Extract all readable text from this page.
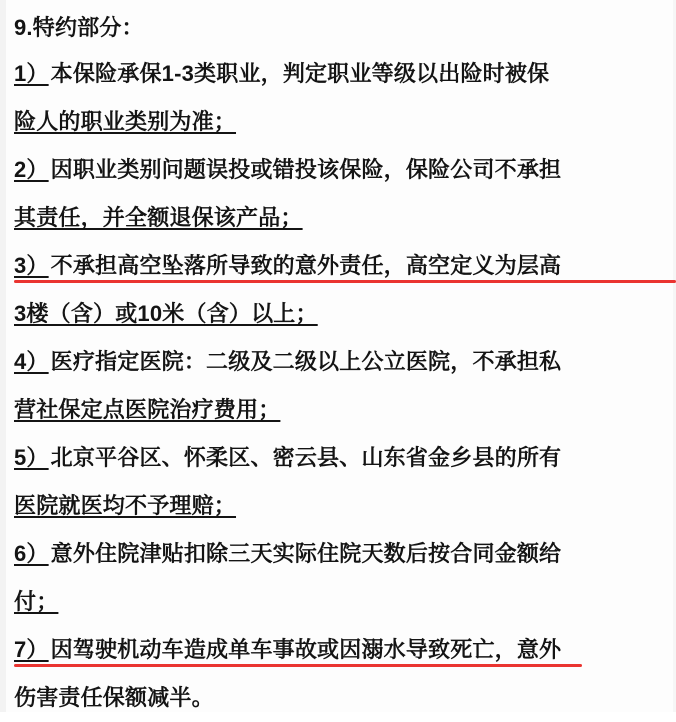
9.特约部分：
1）本保险承保1-3类职业，判定职业等级以出险时被保
险人的职业类别为准；
2）因职业类别问题误投或错投该保险，保险公司不承担
其责任，并全额退保该产品；
3）不承担高空坠落所导致的意外责任，高空定义为层高
3楼（含）或10米（含）以上；
4）医疗指定医院：二级及二级以上公立医院，不承担私
营社保定点医院治疗费用；
5）北京平谷区、怀柔区、密云县、山东省金乡县的所有
医院就医均不予理赔；
6）意外住院津贴扣除三天实际住院天数后按合同金额给
付；
7）因驾驶机动车造成单车事故或因溺水导致死亡，意外
伤害责任保额减半。
